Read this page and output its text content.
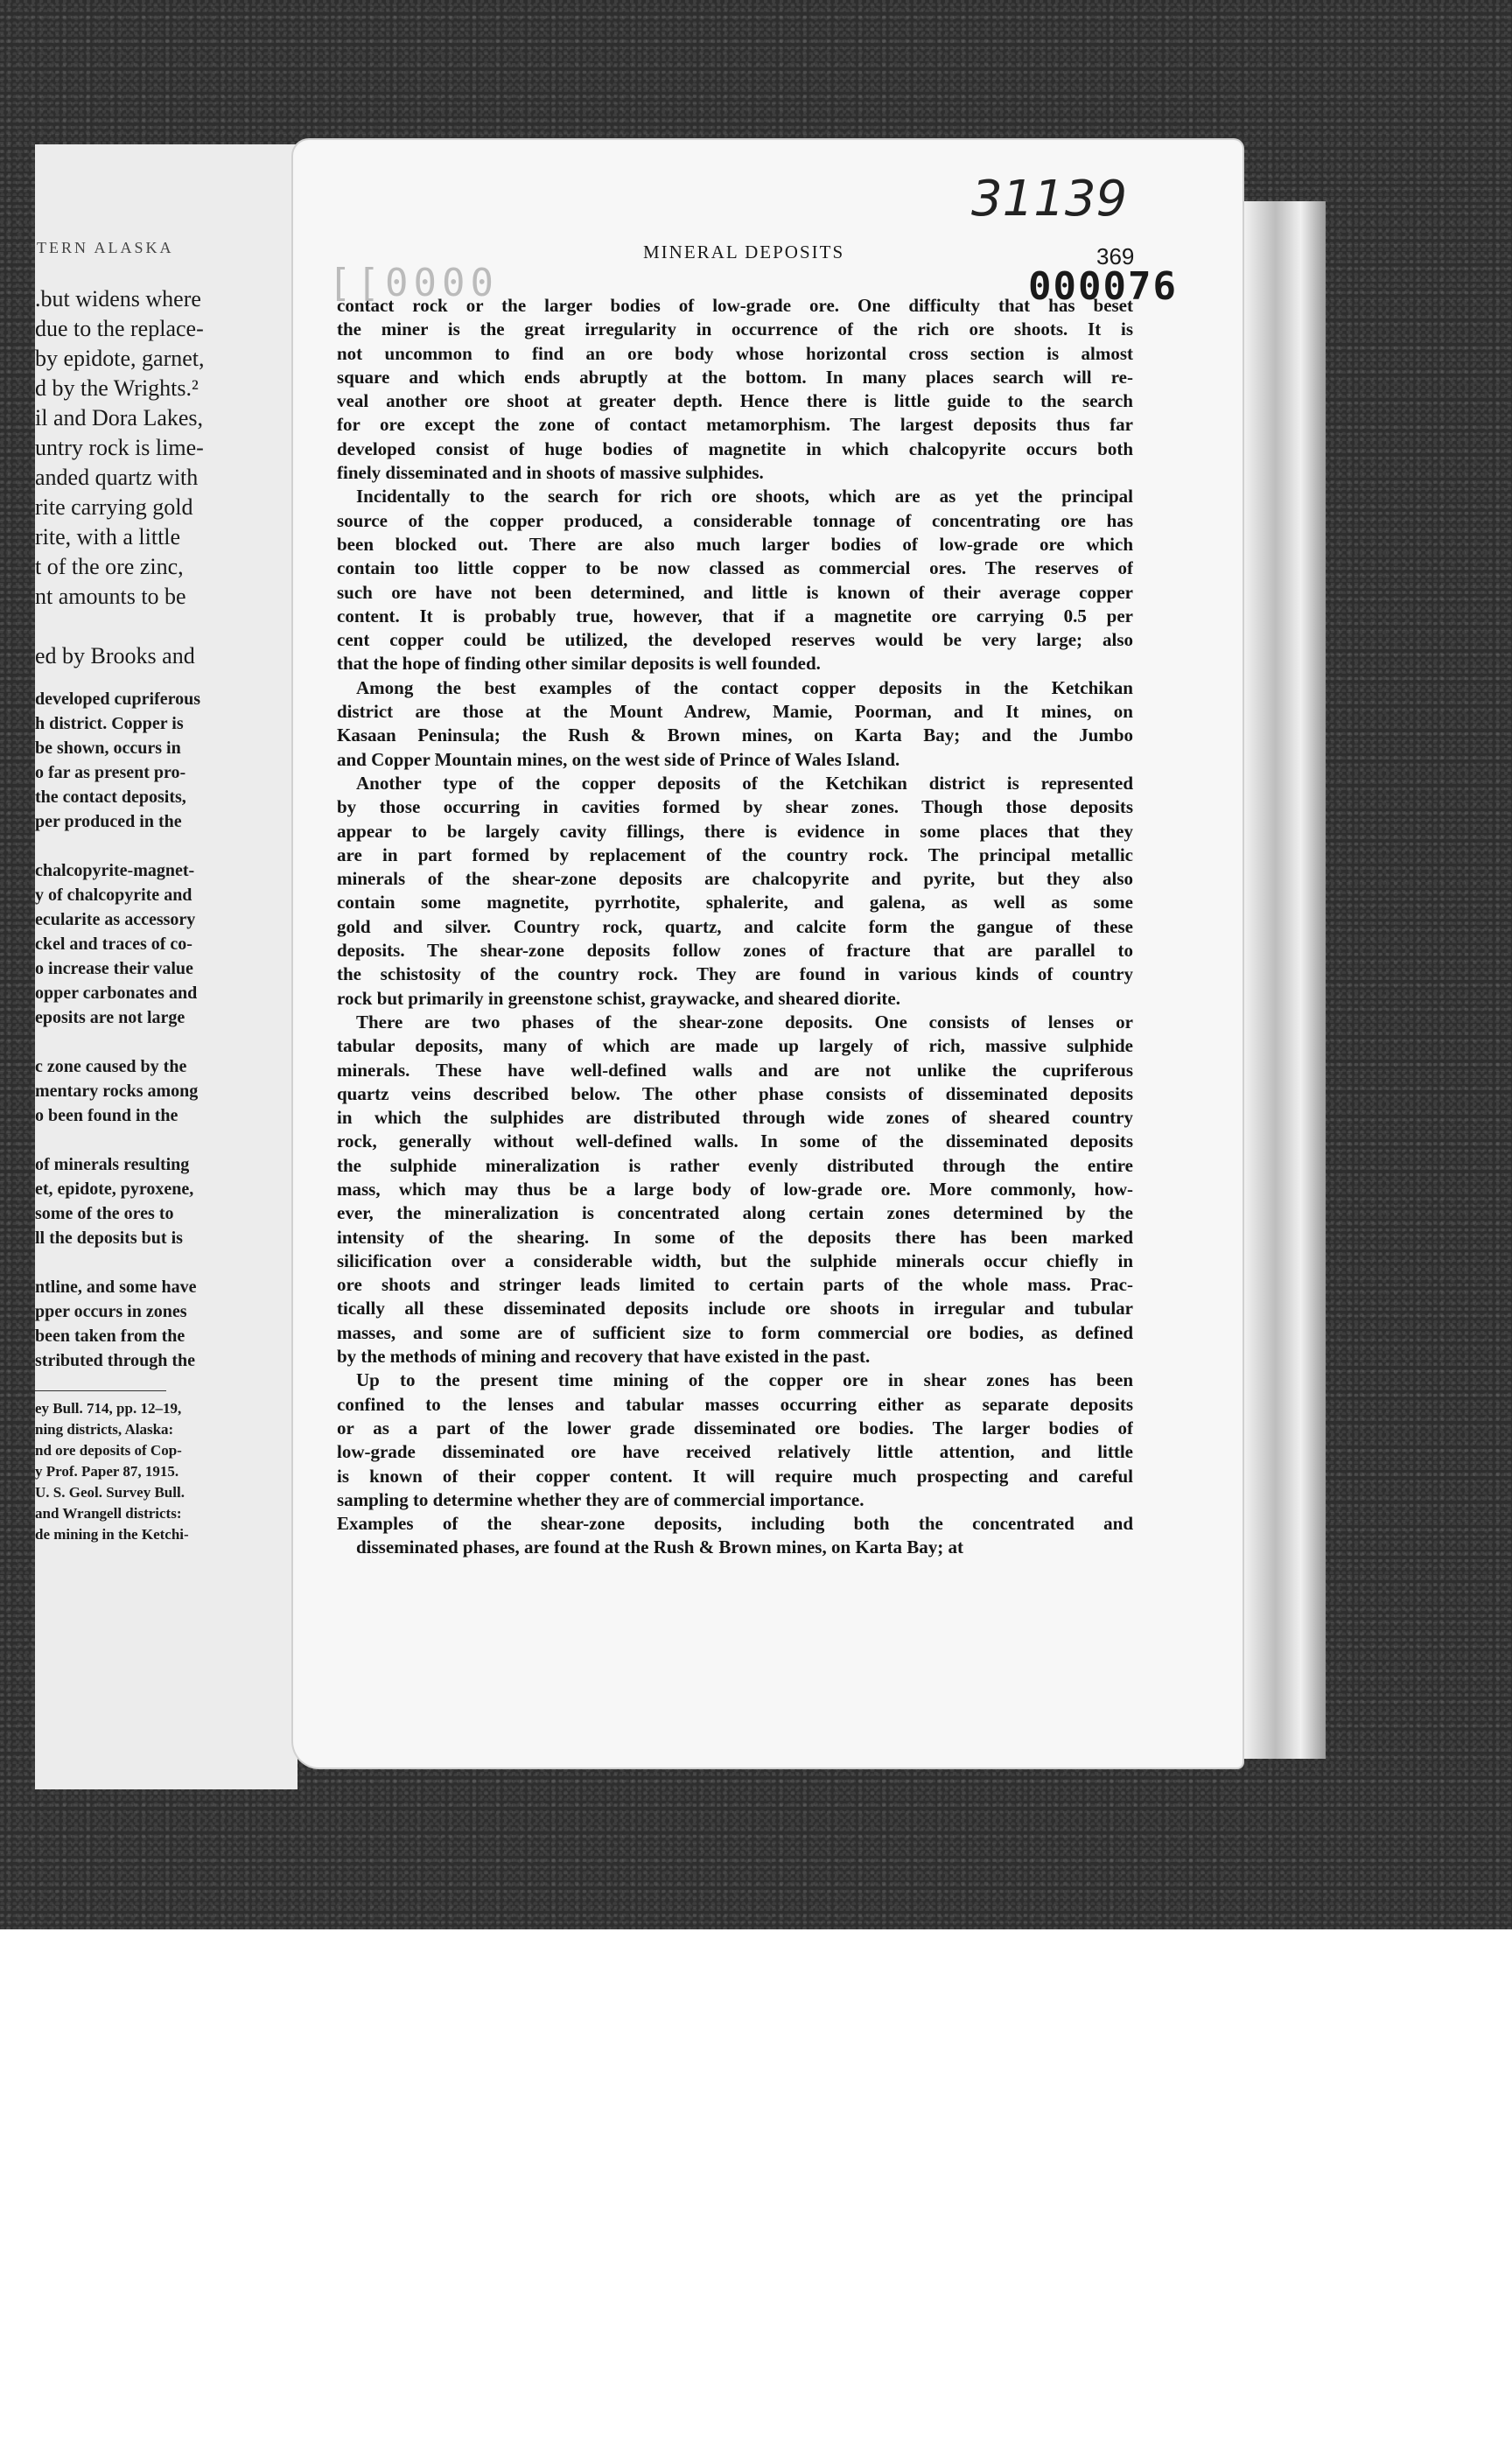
TERN ALASKA
.but widens where
due to the replace-
by epidote, garnet,
d by the Wrights.²
il and Dora Lakes,
untry rock is lime-
anded quartz with
rite carrying gold
rite, with a little
t of the ore zinc,
nt amounts to be

ed by Brooks and
developed cupriferous
h district. Copper is
be shown, occurs in
o far as present pro-
the contact deposits,
per produced in the

chalcopyrite-magnet-
y of chalcopyrite and
ecularite as accessory
ckel and traces of co-
o increase their value
opper carbonates and
eposits are not large

c zone caused by the
mentary rocks among
o been found in the

of minerals resulting
et, epidote, pyroxene,
some of the ores to
ll the deposits but is

ntline, and some have
pper occurs in zones
been taken from the
stributed through the
ey Bull. 714, pp. 12–19,
ning districts, Alaska:
nd ore deposits of Cop-
y Prof. Paper 87, 1915.
U. S. Geol. Survey Bull.
and Wrangell districts:
de mining in the Ketchi-
31139
[[0000
MINERAL DEPOSITS	369
000076
contact rock or the larger bodies of low-grade ore. One difficulty that has beset
the miner is the great irregularity in occurrence of the rich ore shoots. It is
not uncommon to find an ore body whose horizontal cross section is almost
square and which ends abruptly at the bottom. In many places search will re-
veal another ore shoot at greater depth. Hence there is little guide to the search
for ore except the zone of contact metamorphism. The largest deposits thus far
developed consist of huge bodies of magnetite in which chalcopyrite occurs both
finely disseminated and in shoots of massive sulphides.
Incidentally to the search for rich ore shoots, which are as yet the principal
source of the copper produced, a considerable tonnage of concentrating ore has
been blocked out. There are also much larger bodies of low-grade ore which
contain too little copper to be now classed as commercial ores. The reserves of
such ore have not been determined, and little is known of their average copper
content. It is probably true, however, that if a magnetite ore carrying 0.5 per
cent copper could be utilized, the developed reserves would be very large; also
that the hope of finding other similar deposits is well founded.
Among the best examples of the contact copper deposits in the Ketchikan
district are those at the Mount Andrew, Mamie, Poorman, and It mines, on
Kasaan Peninsula; the Rush & Brown mines, on Karta Bay; and the Jumbo
and Copper Mountain mines, on the west side of Prince of Wales Island.
Another type of the copper deposits of the Ketchikan district is represented
by those occurring in cavities formed by shear zones. Though those deposits
appear to be largely cavity fillings, there is evidence in some places that they
are in part formed by replacement of the country rock. The principal metallic
minerals of the shear-zone deposits are chalcopyrite and pyrite, but they also
contain some magnetite, pyrrhotite, sphalerite, and galena, as well as some
gold and silver. Country rock, quartz, and calcite form the gangue of these
deposits. The shear-zone deposits follow zones of fracture that are parallel to
the schistosity of the country rock. They are found in various kinds of country
rock but primarily in greenstone schist, graywacke, and sheared diorite.
There are two phases of the shear-zone deposits. One consists of lenses or
tabular deposits, many of which are made up largely of rich, massive sulphide
minerals. These have well-defined walls and are not unlike the cupriferous
quartz veins described below. The other phase consists of disseminated deposits
in which the sulphides are distributed through wide zones of sheared country
rock, generally without well-defined walls. In some of the disseminated deposits
the sulphide mineralization is rather evenly distributed through the entire
mass, which may thus be a large body of low-grade ore. More commonly, how-
ever, the mineralization is concentrated along certain zones determined by the
intensity of the shearing. In some of the deposits there has been marked
silicification over a considerable width, but the sulphide minerals occur chiefly in
ore shoots and stringer leads limited to certain parts of the whole mass. Prac-
tically all these disseminated deposits include ore shoots in irregular and tubular
masses, and some are of sufficient size to form commercial ore bodies, as defined
by the methods of mining and recovery that have existed in the past.
Up to the present time mining of the copper ore in shear zones has been
confined to the lenses and tabular masses occurring either as separate deposits
or as a part of the lower grade disseminated ore bodies. The larger bodies of
low-grade disseminated ore have received relatively little attention, and little
is known of their copper content. It will require much prospecting and careful
sampling to determine whether they are of commercial importance.
Examples of the shear-zone deposits, including both the concentrated and
disseminated phases, are found at the Rush & Brown mines, on Karta Bay; at
